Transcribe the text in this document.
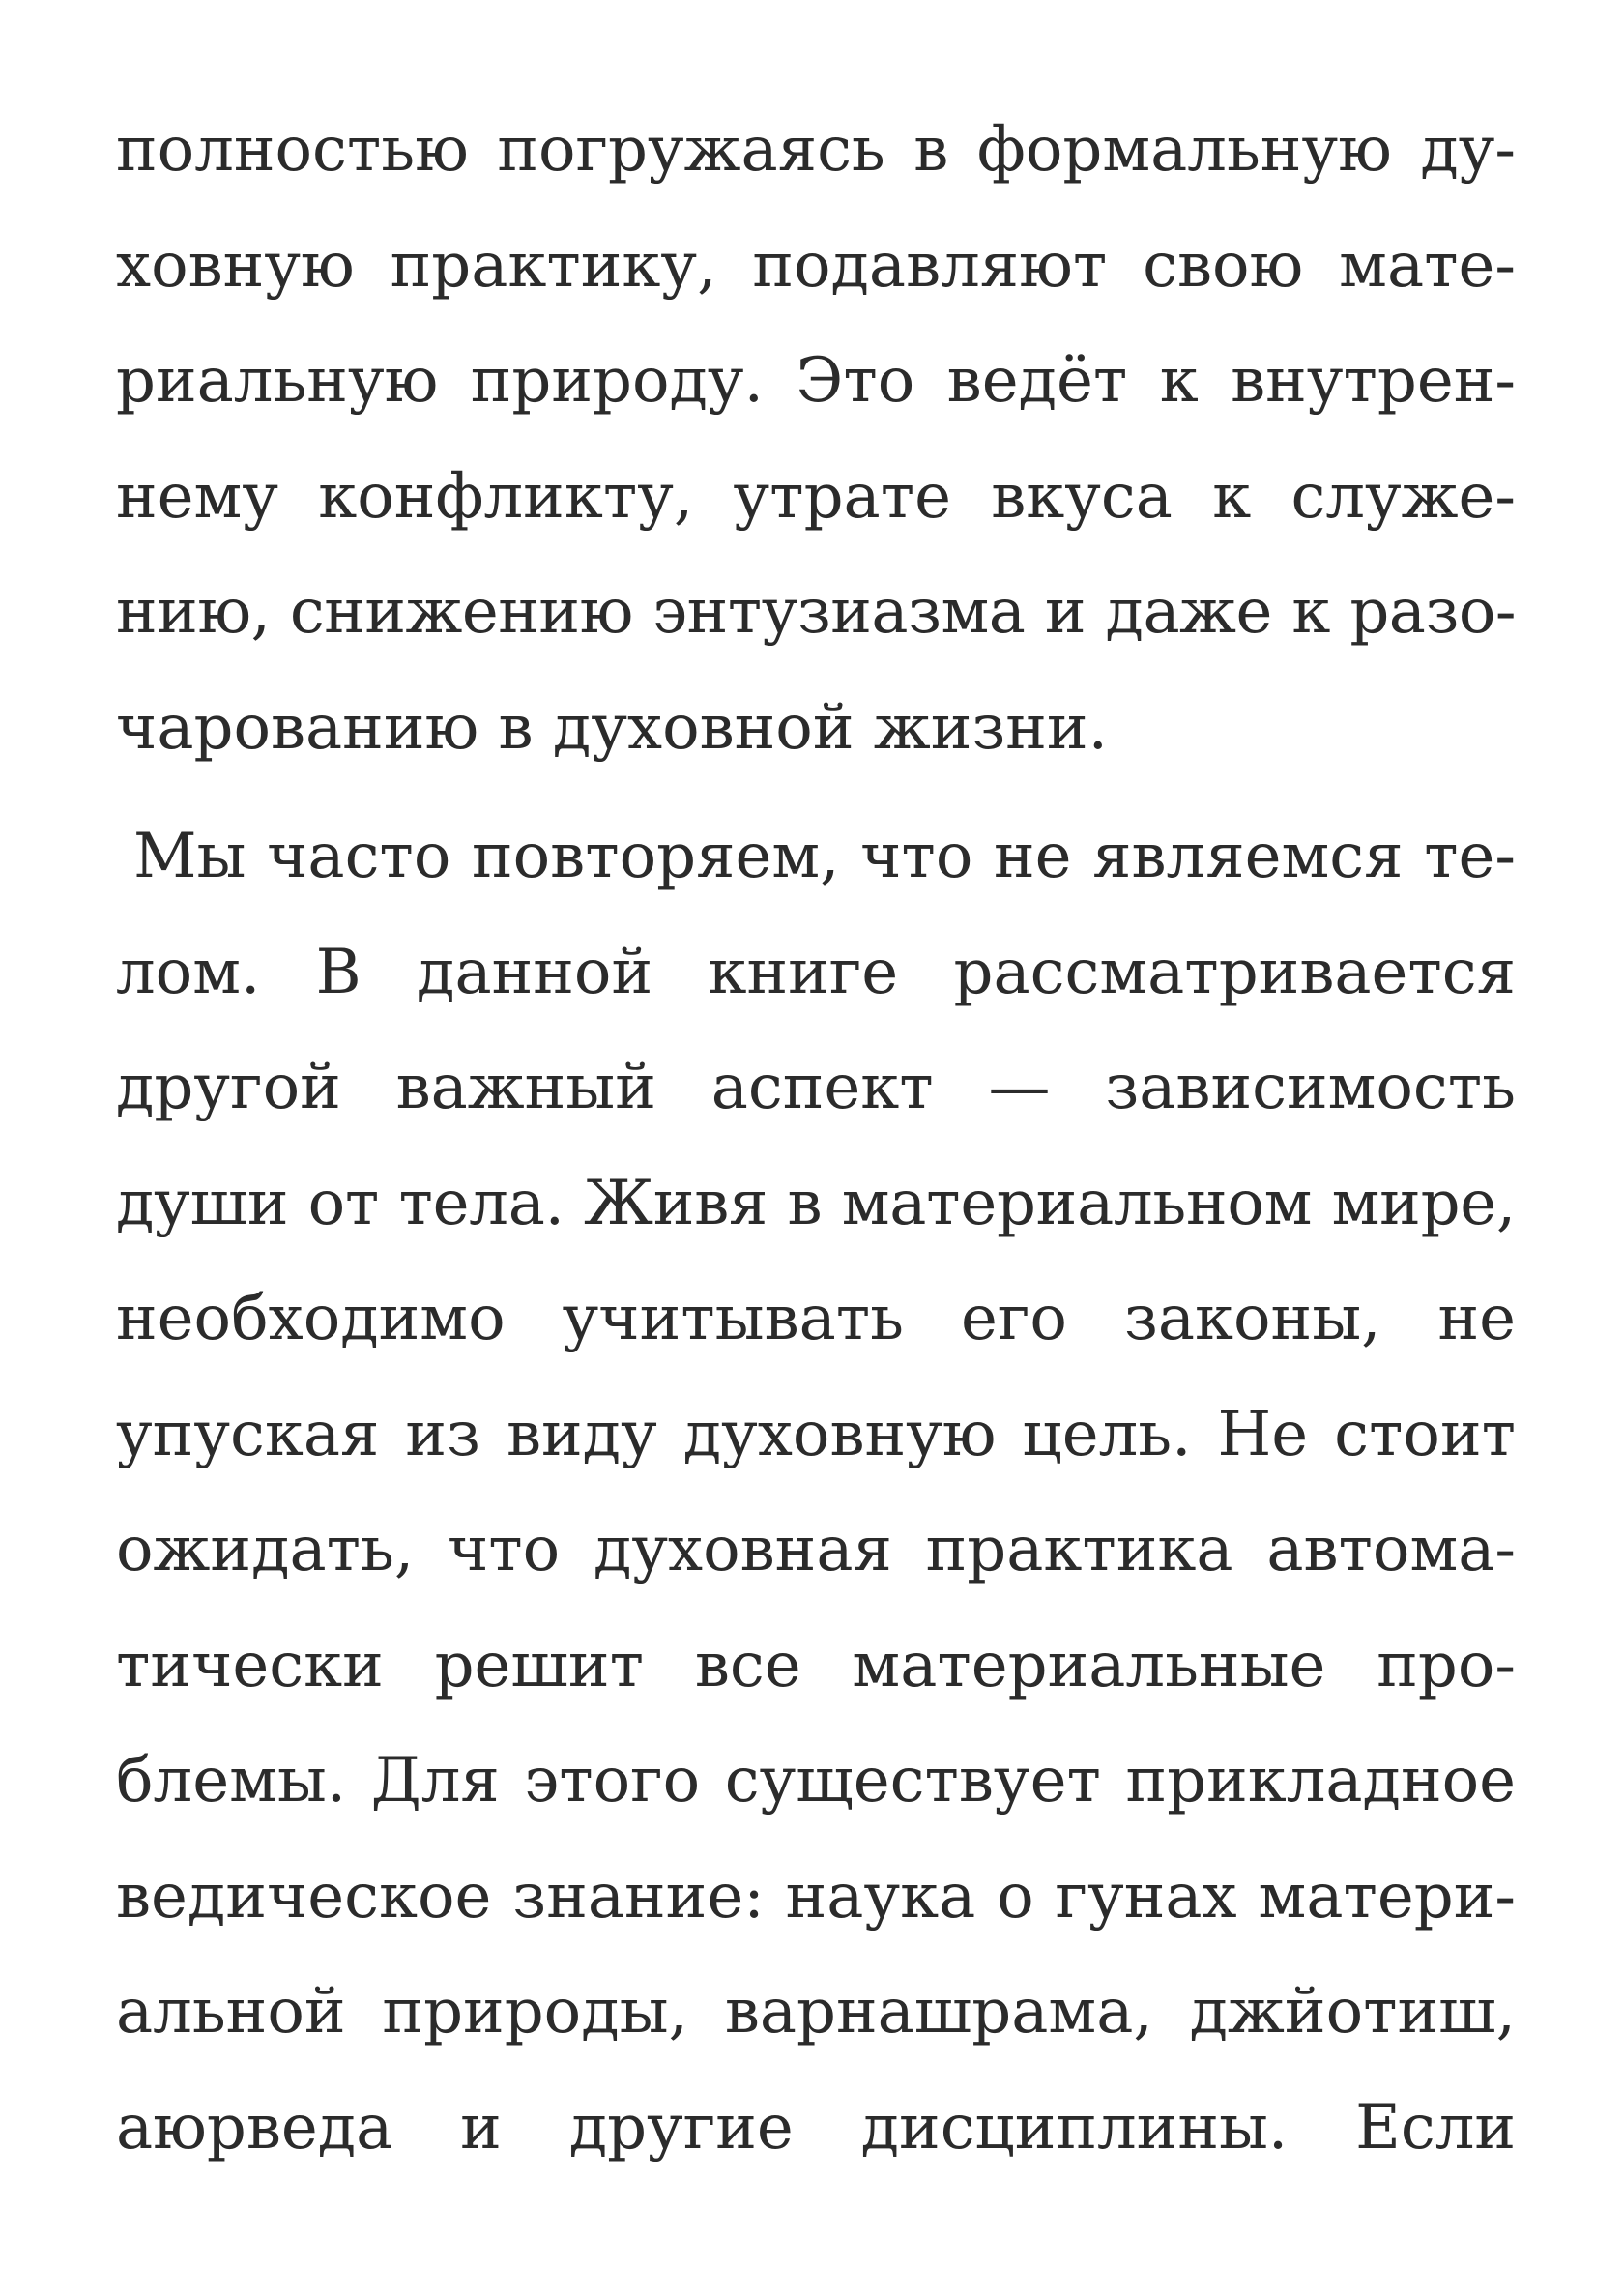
полностью погружаясь в формальную ду-
ховную практику, подавляют свою мате-
риальную природу. Это ведёт к внутрен-
нему конфликту, утрате вкуса к служе-
нию, снижению энтузиазма и даже к разо-
чарованию в духовной жизни.
Мы часто повторяем, что не являемся те-
лом. В данной книге рассматривается
другой важный аспект — зависимость
души от тела. Живя в материальном мире,
необходимо учитывать его законы, не
упуская из виду духовную цель. Не стоит
ожидать, что духовная практика автома-
тически решит все материальные про-
блемы. Для этого существует прикладное
ведическое знание: наука о гунах матери-
альной природы, варнашрама, джйотиш,
аюрведа и другие дисциплины. Если
